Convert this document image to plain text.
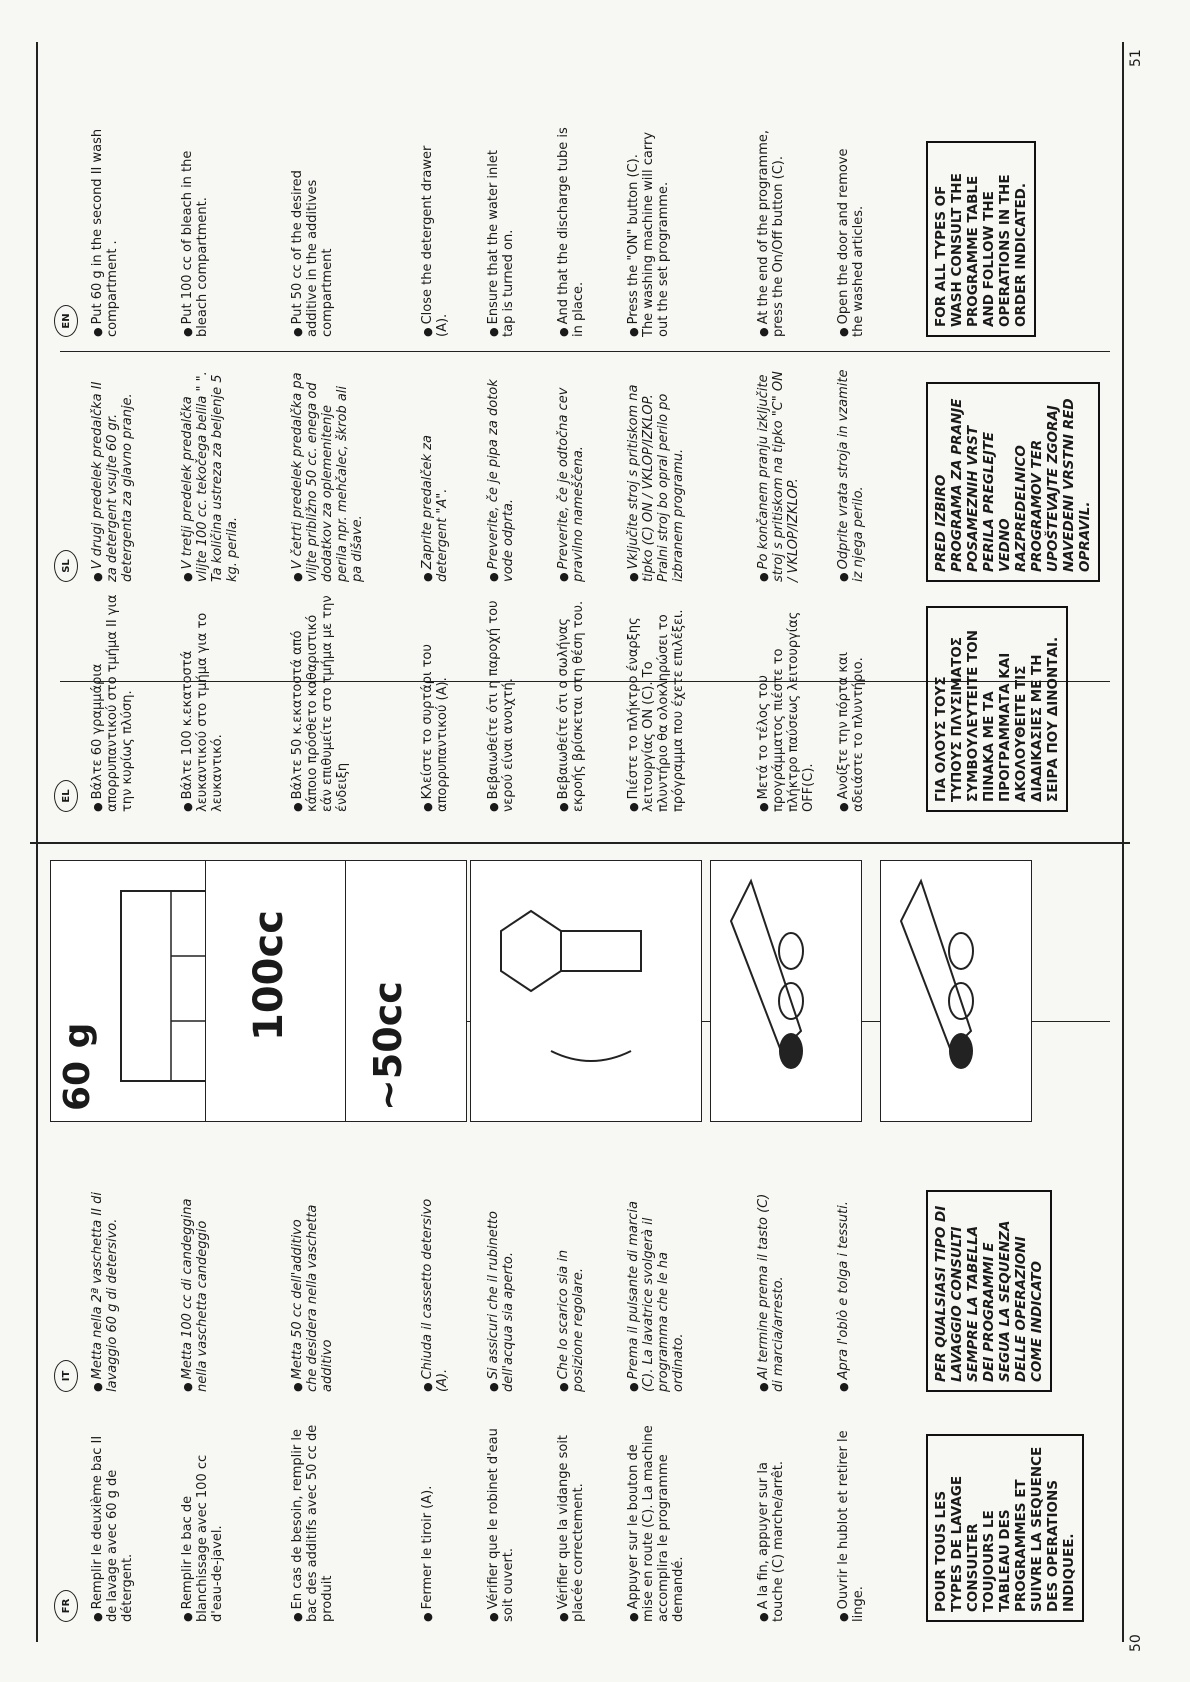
50
51
FR	● Remplir le deuxième bac II de lavage avec 60 g de détergent.	● Remplir le bac de blanchissage avec 100 cc d'eau-de-javel.	● En cas de besoin, remplir le bac des additifs avec 50 cc de produit	● Fermer le tiroir (A).	● Vérifier que le robinet d'eau soit ouvert.	● Vérifier que la vidange soit placée correctement.	● Appuyer sur le bouton de mise en route (C). La machine accomplira le programme demandé.	● A la fin, appuyer sur la touche (C) marche/arrêt.	● Ouvrir le hublot et retirer le linge.	POUR TOUS LES TYPES DE LAVAGE CONSULTER TOUJOURS LE TABLEAU DES PROGRAMMES ET SUIVRE LA SEQUENCE DES OPERATIONS INDIQUEE.
IT	● Metta nella 2ª vaschetta II di lavaggio 60 g di detersivo.	● Metta 100 cc di candeggina nella vaschetta candeggio	● Metta 50 cc dell'additivo che desidera nella vaschetta additivo	● Chiuda il cassetto detersivo (A).
● Si assicuri che il rubinetto dell'acqua sia aperto.	● Che lo scarico sia in posizione regolare.	● Prema il pulsante di marcia (C). La lavatrice svolgerà il programma che le ha ordinato.	● Al termine prema il tasto (C) di marcia/arresto.	● Apra l'oblò e tolga i tessuti.	PER QUALSIASI TIPO DI LAVAGGIO CONSULTI SEMPRE LA TABELLA DEI PROGRAMMI E SEGUA LA SEQUENZA DELLE OPERAZIONI COME INDICATO
60 g
100cc
~50cc
EL	● Βάλτε 60 γραμμάρια απορρυπαντικού στο τμήμα ΙΙ για την κυρίως πλύση.	● Βάλτε 100 κ.εκατοστά λευκαντικού στο τμήμα για το λευκαντικό.	● Βάλτε 50 κ.εκατοστά από κάποιο πρόσθετο καθαριστικό εάν επιθυμείτε στο τμήμα με την ένδειξη	● Κλείστε το συρτάρι του απορρυπαντικού (Α).	● Βεβαιωθείτε ότι η παροχή του νερού είναι ανοιχτή.	● Βεβαιωθείτε ότι ο σωλήνας εκροής βρίσκεται στη θέση του.	● Πιέστε το πλήκτρο έναρξης λειτουργίας ON (C). Το πλυντήριο θα ολοκληρώσει το πρόγραμμα που έχετε επιλέξει.	● Μετά το τέλος του προγράμματος πιέστε το πλήκτρο παύσεως λειτουργίας OFF(C). ● Ανοίξτε την πόρτα και αδειάστε το πλυντήριο.	ΓΙΑ ΟΛΟΥΣ ΤΟΥΣ ΤΥΠΟΥΣ ΠΛΥΣΙΜΑΤΟΣ ΣΥΜΒΟΥΛΕΥΤΕΙΤΕ ΤΟΝ ΠΙΝΑΚΑ ΜΕ ΤΑ ΠΡΟΓΡΑΜΜΑΤΑ ΚΑΙ ΑΚΟΛΟΥΘΕΙΤΕ ΤΙΣ ΔΙΑΔΙΚΑΣΙΕΣ ΜΕ ΤΗ ΣΕΙΡΑ ΠΟΥ ΔΙΝΟΝΤΑΙ.
SL	● V drugi predelek predalčka II za detergent vsujte 60 gr. detergenta za glavno pranje.	● V tretji predelek predalčka vlijte 100 cc. tekočega belila " ". Ta količina ustreza za beljenje 5 kg. perila.	● V četrti predelek predalčka pa vlijte približno 50 cc. enega od dodatkov za oplemenitenje perila npr. mehčalec, škrob ali pa dišave.	● Zaprite predalček za detergent "A".	● Preverite, če je pipa za dotok vode odprta.	● Preverite, če je odtočna cev pravilno nameščena.	● Vključite stroj s pritiskom na tipko (C) ON / VKLOP/IZKLOP. Pralni stroj bo opral perilo po izbranem programu.	● Po končanem pranju izključite stroj s pritiskom na tipko "C" ON / VKLOP/IZKLOP.	● Odprite vrata stroja in vzamite iz njega perilo.	PRED IZBIRO PROGRAMA ZA PRANJE POSAMEZNIH VRST PERILA PREGLEJTE VEDNO RAZPREDELNICO PROGRAMOV TER UPOŠTEVAJTE ZGORAJ NAVEDENI VRSTNI RED OPRAVIL.
EN	● Put 60 g in the second II wash compartment .	● Put 100 cc of bleach in the bleach compartment.	● Put 50 cc of the desired additive in the additives compartment	● Close the detergent drawer (A).
● Ensure that the water inlet tap is turned on.	● And that the discharge tube is in place.	● Press the "ON" button (C). The washing machine will carry out the set programme.	● At the end of the programme, press the On/Off button (C).	● Open the door and remove the washed articles.	FOR ALL TYPES OF WASH CONSULT THE PROGRAMME TABLE AND FOLLOW THE OPERATIONS IN THE ORDER INDICATED.
